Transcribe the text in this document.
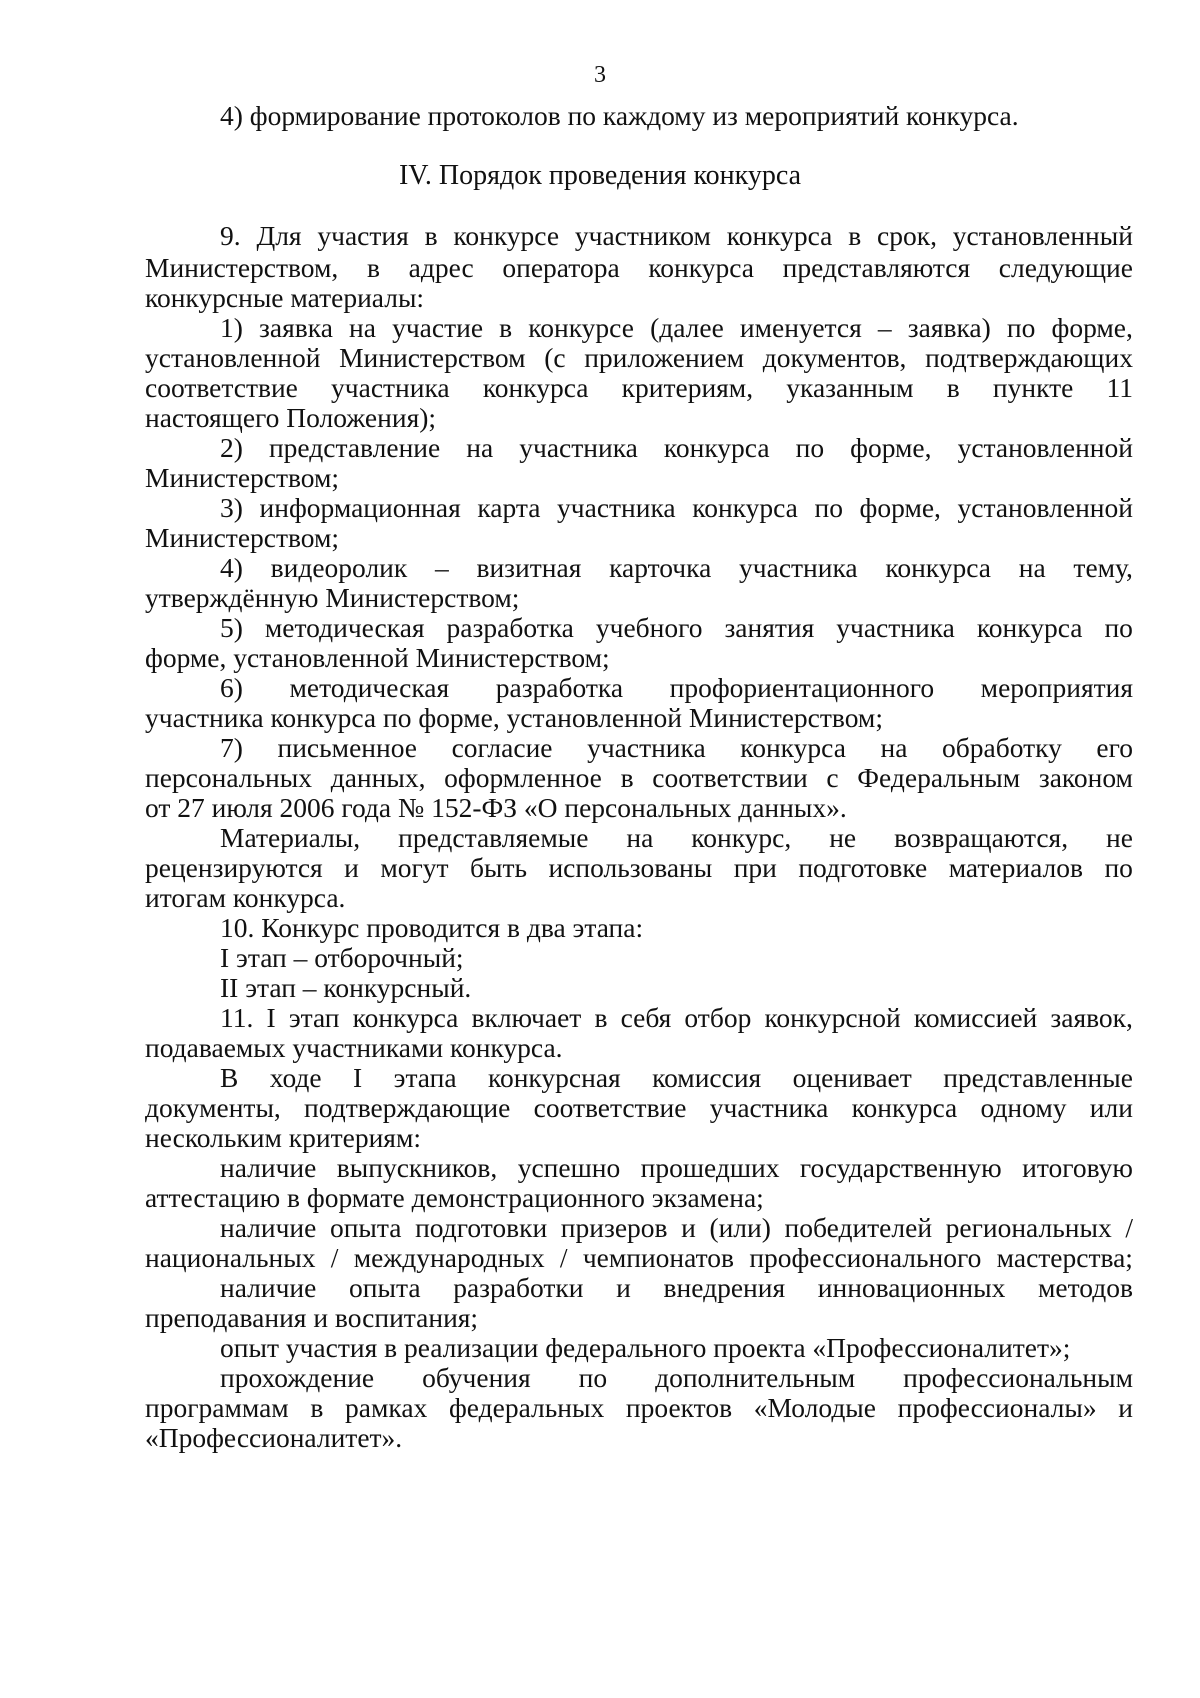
3
4) формирование протоколов по каждому из мероприятий конкурса.
IV. Порядок проведения конкурса
9. Для участия в конкурсе участником конкурса в срок, установленный
Министерством, в адрес оператора конкурса представляются следующие
конкурсные материалы:
1) заявка на участие в конкурсе (далее именуется – заявка) по форме,
установленной Министерством (с приложением документов, подтверждающих
соответствие участника конкурса критериям, указанным в пункте 11
настоящего Положения);
2) представление на участника конкурса по форме, установленной
Министерством;
3) информационная карта участника конкурса по форме, установленной
Министерством;
4) видеоролик – визитная карточка участника конкурса на тему,
утверждённую Министерством;
5) методическая разработка учебного занятия участника конкурса по
форме, установленной Министерством;
6) методическая разработка профориентационного мероприятия
участника конкурса по форме, установленной Министерством;
7) письменное согласие участника конкурса на обработку его
персональных данных, оформленное в соответствии с Федеральным законом
от 27 июля 2006 года № 152-ФЗ «О персональных данных».
Материалы, представляемые на конкурс, не возвращаются, не
рецензируются и могут быть использованы при подготовке материалов по
итогам конкурса.
10. Конкурс проводится в два этапа:
I этап – отборочный;
II этап – конкурсный.
11. I этап конкурса включает в себя отбор конкурсной комиссией заявок,
подаваемых участниками конкурса.
В ходе I этапа конкурсная комиссия оценивает представленные
документы, подтверждающие соответствие участника конкурса одному или
нескольким критериям:
наличие выпускников, успешно прошедших государственную итоговую
аттестацию в формате демонстрационного экзамена;
наличие опыта подготовки призеров и (или) победителей региональных /
национальных / международных / чемпионатов профессионального мастерства;
наличие опыта разработки и внедрения инновационных методов
преподавания и воспитания;
опыт участия в реализации федерального проекта «Профессионалитет»;
прохождение обучения по дополнительным профессиональным
программам в рамках федеральных проектов «Молодые профессионалы» и
«Профессионалитет».
